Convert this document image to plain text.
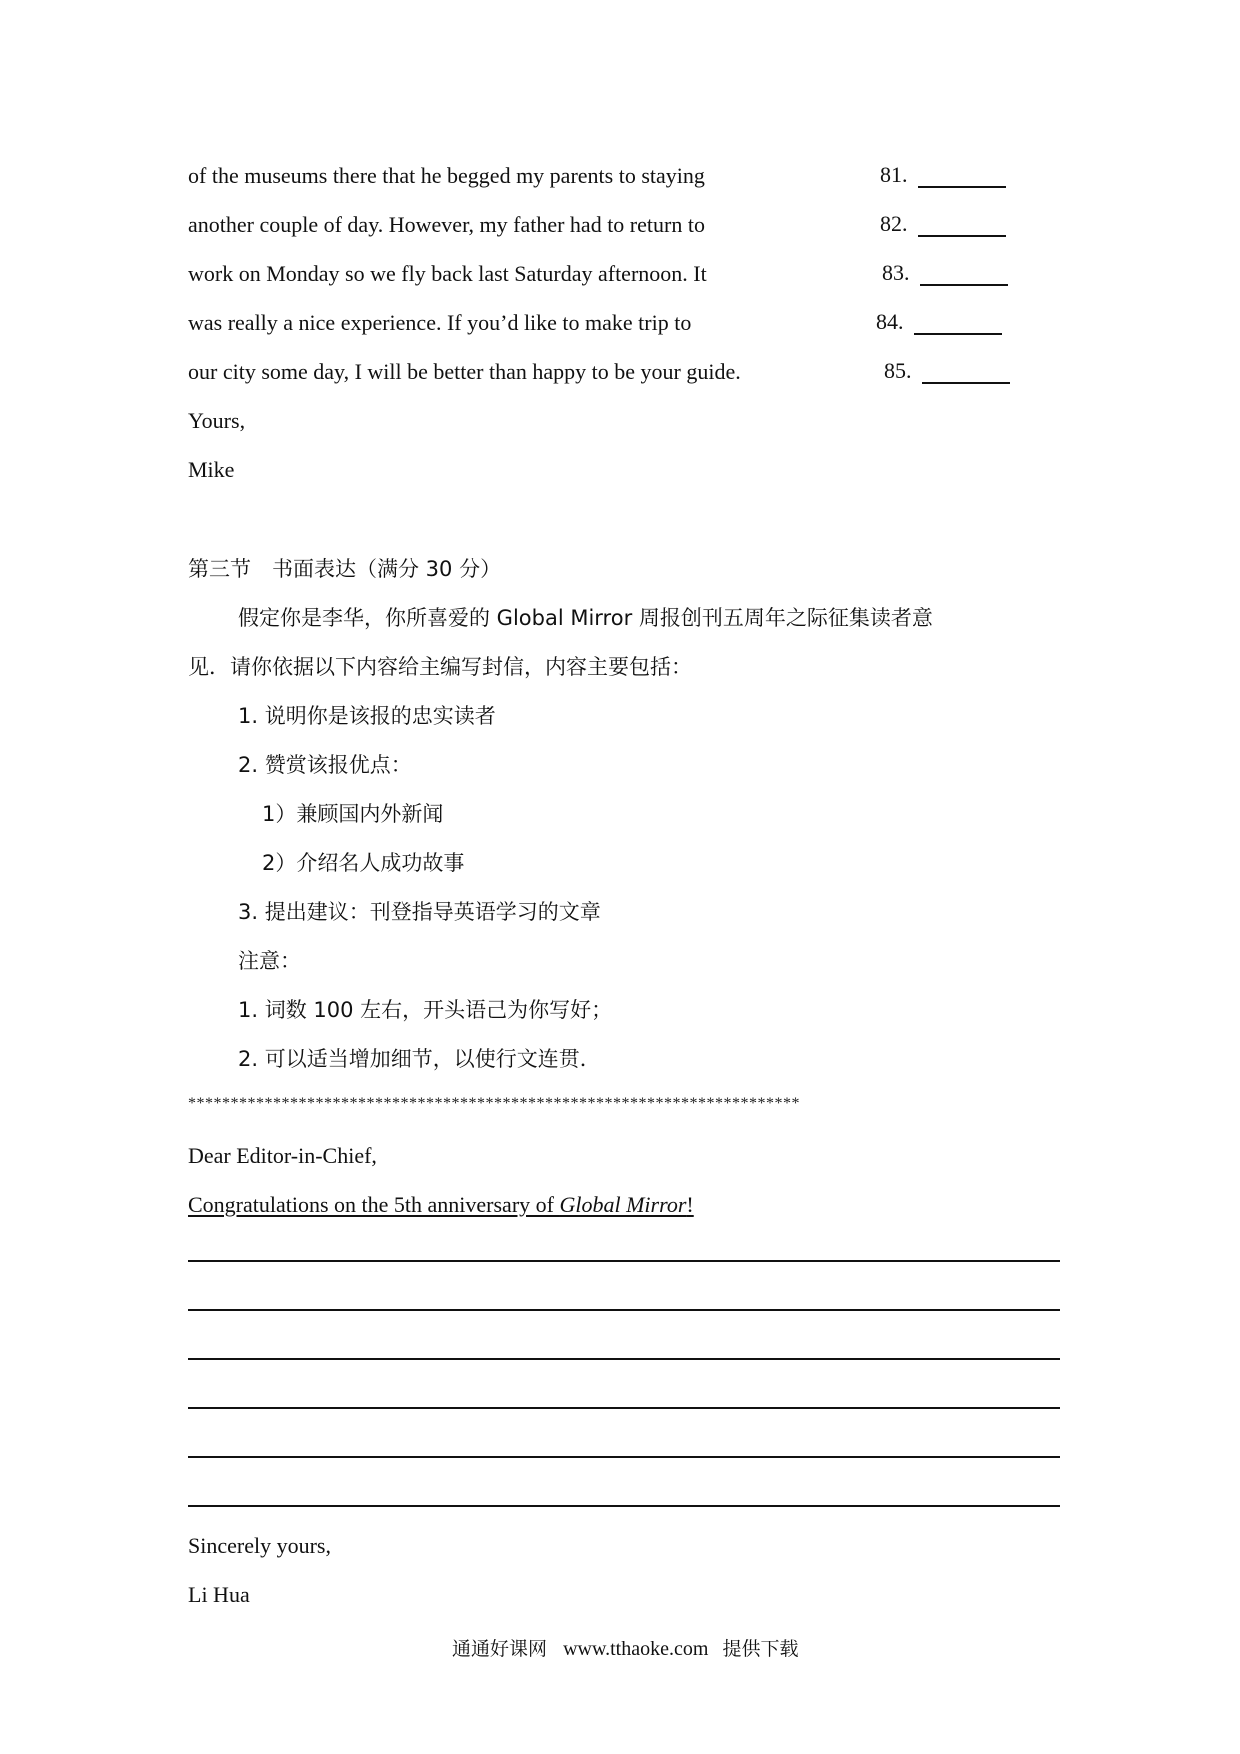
of the museums there that he begged my parents to staying
another couple of day. However, my father had to return to
work on Monday so we fly back last Saturday afternoon. It
was really a nice experience. If you’d like to make trip to
our city some day, I will be better than happy to be your guide.
81.
82.
83.
84.
85.
Yours,
Mike
第三节　书面表达（满分 30 分）
假定你是李华，你所喜爱的 Global Mirror 周报创刊五周年之际征集读者意
见．请你依据以下内容给主编写封信，内容主要包括：
1. 说明你是该报的忠实读者
2. 赞赏该报优点：
1）兼顾国内外新闻
2）介绍名人成功故事
3. 提出建议：刊登指导英语学习的文章
注意：
1. 词数 100 左右，开头语己为你写好；
2. 可以适当增加细节，以使行文连贯．
************************************************************************
Dear Editor-in-Chief,
Congratulations on the 5th anniversary of Global Mirror!
Sincerely yours,
Li Hua
通通好课网 www.tthaoke.com 提供下载
